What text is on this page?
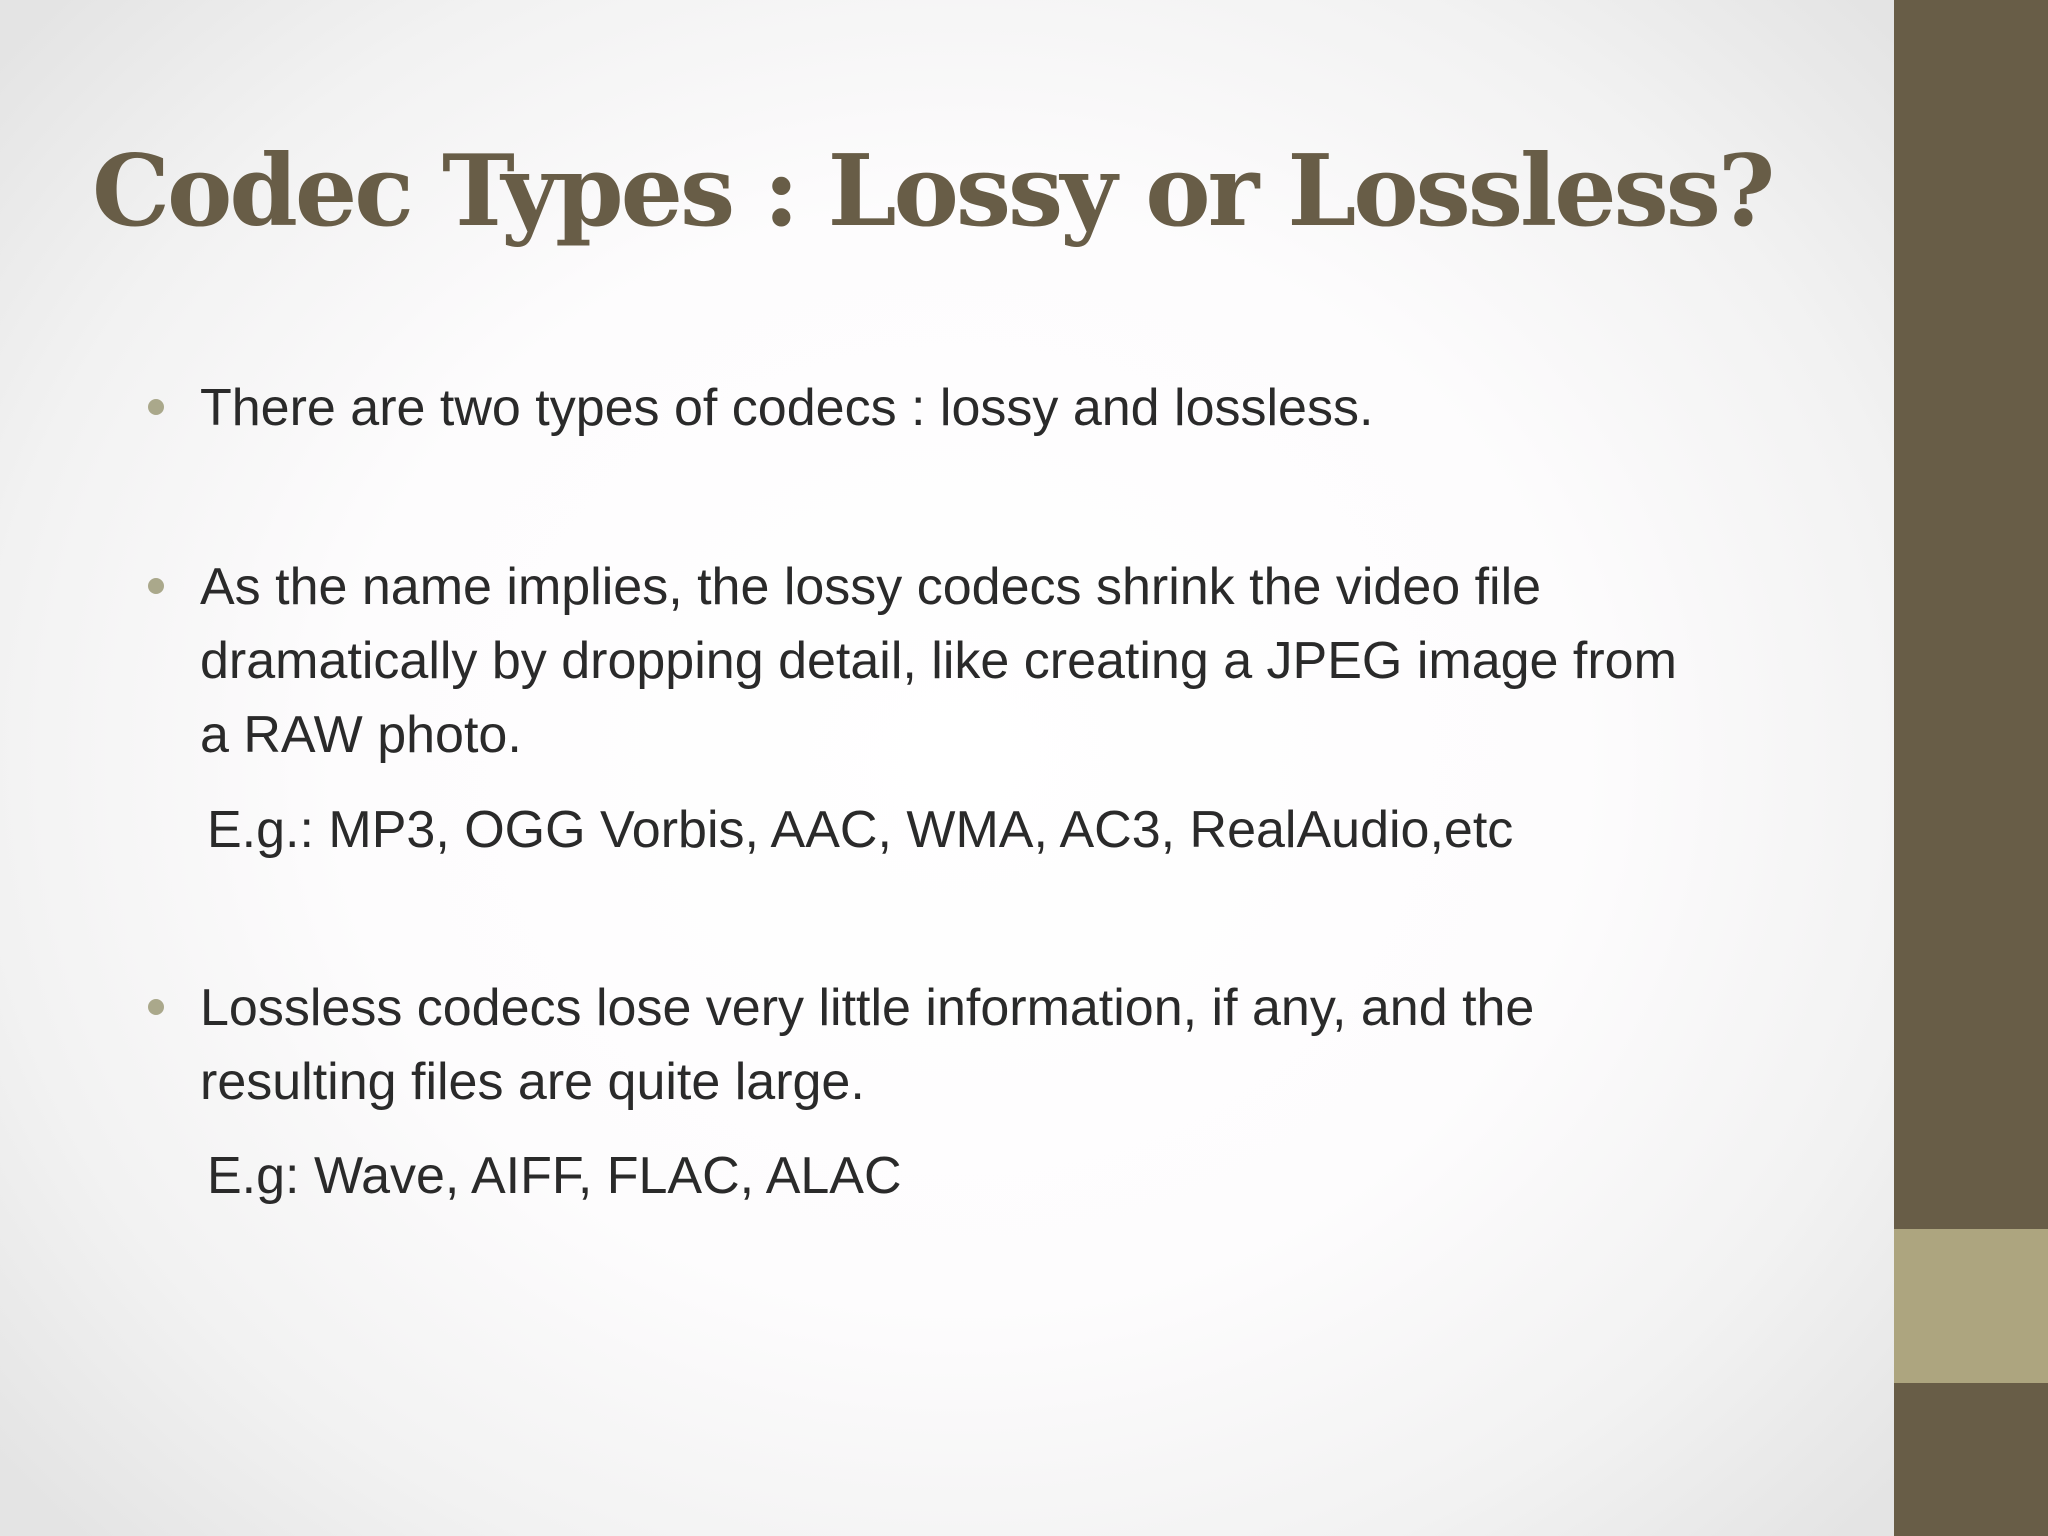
Codec Types : Lossy or Lossless?
There are two types of codecs : lossy and lossless.
As the name implies, the lossy codecs shrink the video file dramatically by dropping detail, like creating a JPEG image from a RAW photo.
E.g.: MP3, OGG Vorbis, AAC, WMA, AC3, RealAudio,etc
Lossless codecs lose very little information, if any, and the resulting files are quite large.
E.g: Wave, AIFF, FLAC, ALAC
